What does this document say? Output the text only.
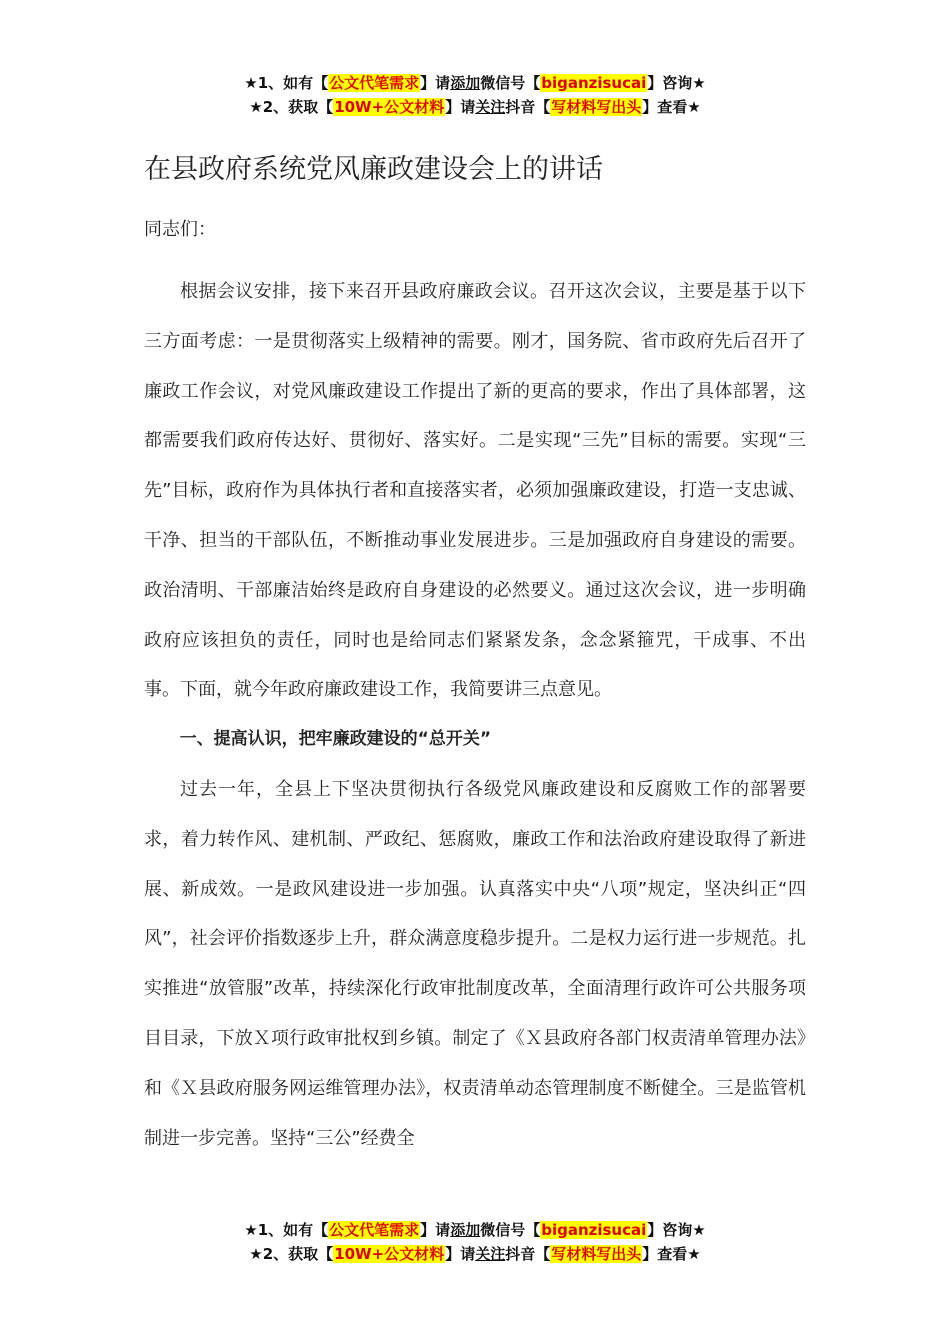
★1、如有【公文代笔需求】请添加微信号【biganzisucai】咨询★
★2、获取【10W+公文材料】请关注抖音【写材料写出头】查看★
在县政府系统党风廉政建设会上的讲话

同志们：

根据会议安排，接下来召开县政府廉政会议。召开这次会议，主要是基于以下三方面考虑：一是贯彻落实上级精神的需要。刚才，国务院、省市政府先后召开了廉政工作会议，对党风廉政建设工作提出了新的更高的要求，作出了具体部署，这都需要我们政府传达好、贯彻好、落实好。二是实现“三先”目标的需要。实现“三先”目标，政府作为具体执行者和直接落实者，必须加强廉政建设，打造一支忠诚、干净、担当的干部队伍，不断推动事业发展进步。三是加强政府自身建设的需要。政治清明、干部廉洁始终是政府自身建设的必然要义。通过这次会议，进一步明确政府应该担负的责任，同时也是给同志们紧紧发条，念念紧箍咒，干成事、不出事。下面，就今年政府廉政建设工作，我简要讲三点意见。

一、提高认识，把牢廉政建设的“总开关”

过去一年，全县上下坚决贯彻执行各级党风廉政建设和反腐败工作的部署要求，着力转作风、建机制、严政纪、惩腐败，廉政工作和法治政府建设取得了新进展、新成效。一是政风建设进一步加强。认真落实中央“八项”规定，坚决纠正“四风”，社会评价指数逐步上升，群众满意度稳步提升。二是权力运行进一步规范。扎实推进“放管服”改革，持续深化行政审批制度改革，全面清理行政许可公共服务项目目录，下放Ｘ项行政审批权到乡镇。制定了《Ｘ县政府各部门权责清单管理办法》和《Ｘ县政府服务网运维管理办法》，权责清单动态管理制度不断健全。三是监管机制进一步完善。坚持“三公”经费全

★1、如有【公文代笔需求】请添加微信号【biganzisucai】咨询★
★2、获取【10W+公文材料】请关注抖音【写材料写出头】查看★
